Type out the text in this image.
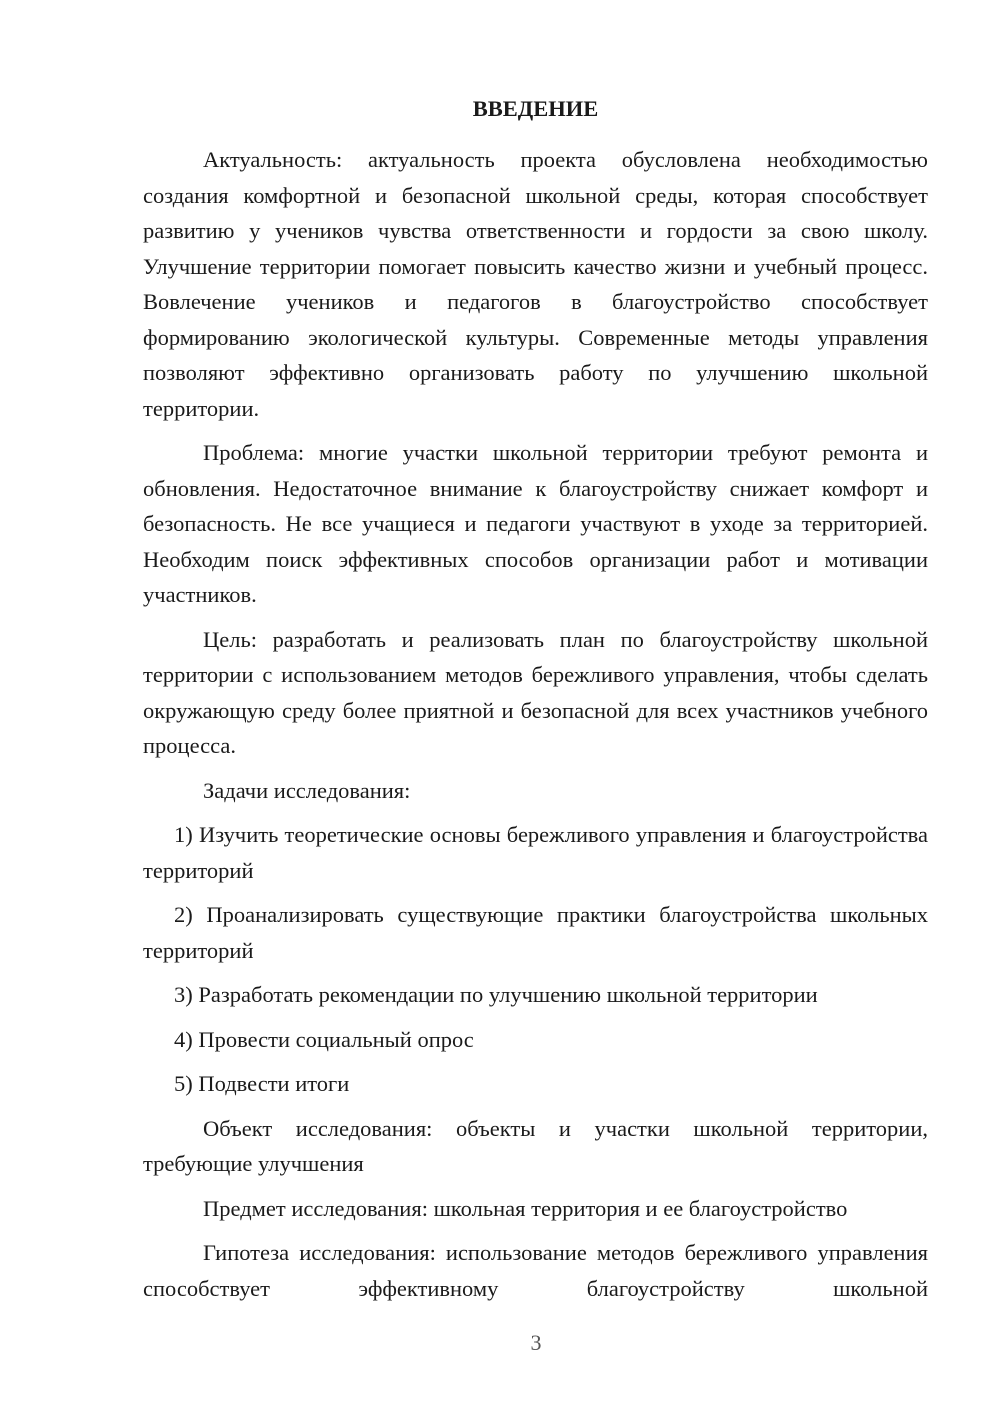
ВВЕДЕНИЕ

Актуальность: актуальность проекта обусловлена необходимостью создания комфортной и безопасной школьной среды, которая способствует развитию у учеников чувства ответственности и гордости за свою школу. Улучшение территории помогает повысить качество жизни и учебный процесс. Вовлечение учеников и педагогов в благоустройство способствует формированию экологической культуры. Современные методы управления позволяют эффективно организовать работу по улучшению школьной территории.

Проблема: многие участки школьной территории требуют ремонта и обновления. Недостаточное внимание к благоустройству снижает комфорт и безопасность. Не все учащиеся и педагоги участвуют в уходе за территорией. Необходим поиск эффективных способов организации работ и мотивации участников.

Цель: разработать и реализовать план по благоустройству школьной территории с использованием методов бережливого управления, чтобы сделать окружающую среду более приятной и безопасной для всех участников учебного процесса.

Задачи исследования:

1) Изучить теоретические основы бережливого управления и благоустройства территорий

2) Проанализировать существующие практики благоустройства школьных территорий

3) Разработать рекомендации по улучшению школьной территории

4) Провести социальный опрос

5) Подвести итоги

Объект исследования: объекты и участки школьной территории, требующие улучшения

Предмет исследования: школьная территория и ее благоустройство

Гипотеза исследования: использование методов бережливого управления способствует эффективному благоустройству школьной

3
